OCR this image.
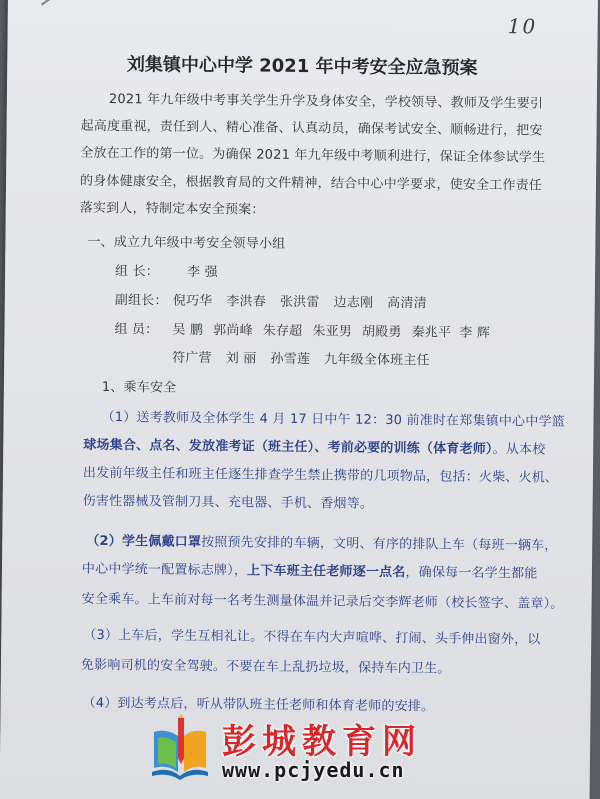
10
刘集镇中心中学 2021 年中考安全应急预案
2021 年九年级中考事关学生升学及身体安全，学校领导、教师及学生要引
起高度重视，责任到人、精心准备、认真动员，确保考试安全、顺畅进行，把安
全放在工作的第一位。为确保 2021 年九年级中考顺利进行，保证全体参试学生
的身体健康安全，根据教育局的文件精神，结合中心中学要求，使安全工作责任
落实到人，特制定本安全预案：
一、成立九年级中考安全领导小组
组 长： 李 强
副组长： 倪巧华 李洪春 张洪雷 边志刚 高清清
组 员： 吴 鹏 郭尚峰 朱存超 朱亚男 胡殿勇 秦兆平 李 辉
符广营 刘 丽 孙雪莲 九年级全体班主任
1、乘车安全
（1）送考教师及全体学生 4 月 17 日中午 12：30 前准时在郑集镇中心中学篮
球场集合、点名、发放准考证（班主任）、考前必要的训练（体育老师）。从本校
出发前年级主任和班主任逐生排查学生禁止携带的几项物品，包括：火柴、火机、
伤害性器械及管制刀具、充电器、手机、香烟等。
（2）学生佩戴口罩按照预先安排的车辆，文明、有序的排队上车（每班一辆车，
中心中学统一配置标志牌），上下车班主任老师逐一点名，确保每一名学生都能
安全乘车。上车前对每一名考生测量体温并记录后交李辉老师（校长签字、盖章）。
（3）上车后，学生互相礼让。不得在车内大声喧哗、打闹、头手伸出窗外，以
免影响司机的安全驾驶。不要在车上乱扔垃圾，保持车内卫生。
（4）到达考点后，听从带队班主任老师和体育老师的安排。
彭城教育网
www.pcjyedu.cn
